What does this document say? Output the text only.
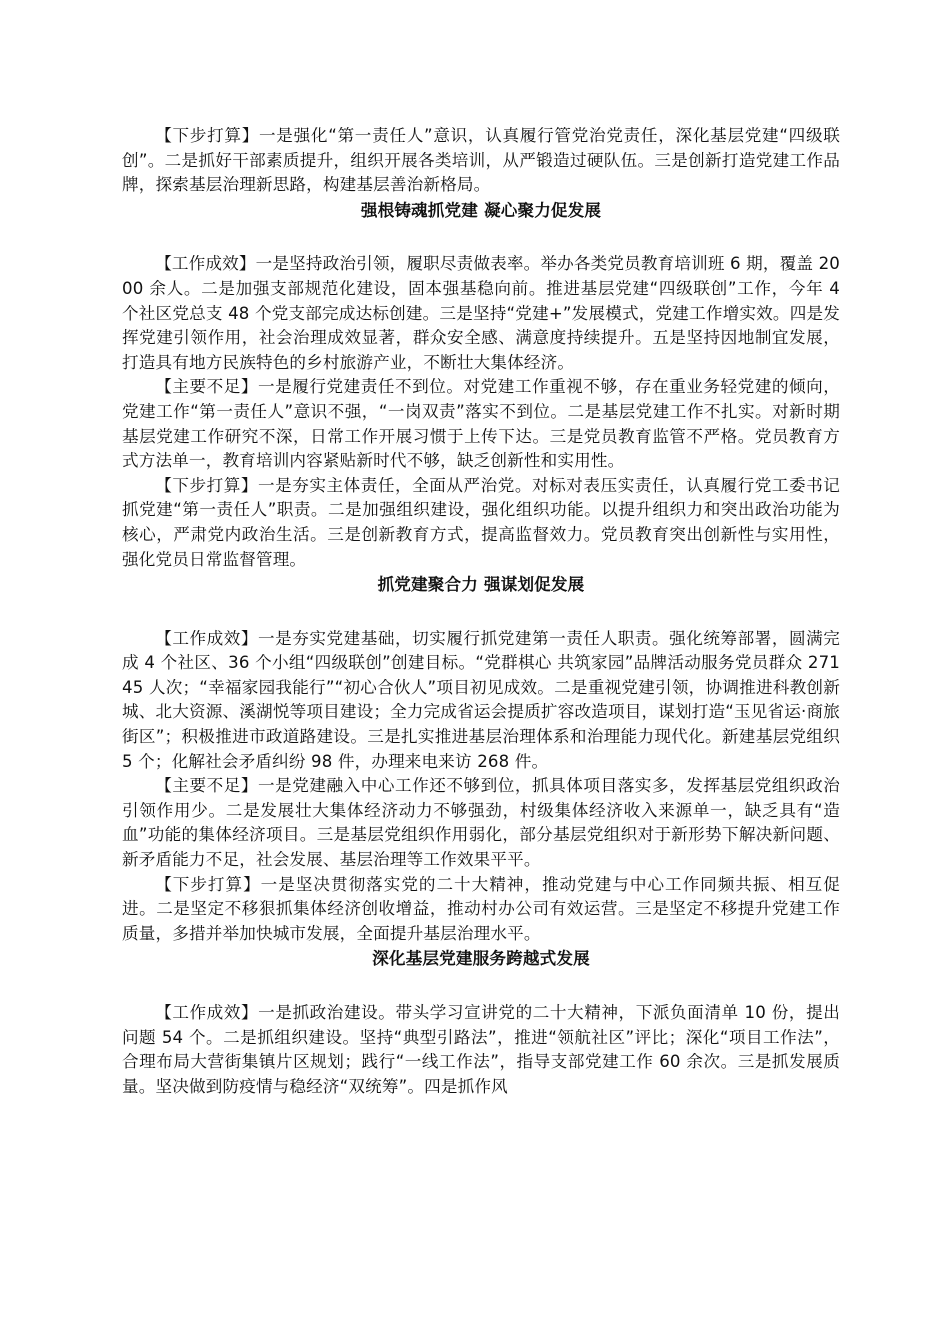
【下步打算】一是强化“第一责任人”意识，认真履行管党治党责任，深化基层党建“四级联创”。二是抓好干部素质提升，组织开展各类培训，从严锻造过硬队伍。三是创新打造党建工作品牌，探索基层治理新思路，构建基层善治新格局。

强根铸魂抓党建 凝心聚力促发展

【工作成效】一是坚持政治引领，履职尽责做表率。举办各类党员教育培训班 6 期，覆盖 2000 余人。二是加强支部规范化建设，固本强基稳向前。推进基层党建“四级联创”工作，今年 4 个社区党总支 48 个党支部完成达标创建。三是坚持“党建+”发展模式，党建工作增实效。四是发挥党建引领作用，社会治理成效显著，群众安全感、满意度持续提升。五是坚持因地制宜发展，打造具有地方民族特色的乡村旅游产业，不断壮大集体经济。

【主要不足】一是履行党建责任不到位。对党建工作重视不够，存在重业务轻党建的倾向，党建工作“第一责任人”意识不强，“一岗双责”落实不到位。二是基层党建工作不扎实。对新时期基层党建工作研究不深，日常工作开展习惯于上传下达。三是党员教育监管不严格。党员教育方式方法单一，教育培训内容紧贴新时代不够，缺乏创新性和实用性。

【下步打算】一是夯实主体责任，全面从严治党。对标对表压实责任，认真履行党工委书记抓党建“第一责任人”职责。二是加强组织建设，强化组织功能。以提升组织力和突出政治功能为核心，严肃党内政治生活。三是创新教育方式，提高监督效力。党员教育突出创新性与实用性，强化党员日常监督管理。

抓党建聚合力 强谋划促发展

【工作成效】一是夯实党建基础，切实履行抓党建第一责任人职责。强化统筹部署，圆满完成 4 个社区、36 个小组“四级联创”创建目标。“党群棋心 共筑家园”品牌活动服务党员群众 27145 人次；“幸福家园我能行”“初心合伙人”项目初见成效。二是重视党建引领，协调推进科教创新城、北大资源、溪湖悦等项目建设；全力完成省运会提质扩容改造项目，谋划打造“玉见省运·商旅街区”；积极推进市政道路建设。三是扎实推进基层治理体系和治理能力现代化。新建基层党组织 5 个；化解社会矛盾纠纷 98 件，办理来电来访 268 件。

【主要不足】一是党建融入中心工作还不够到位，抓具体项目落实多，发挥基层党组织政治引领作用少。二是发展壮大集体经济动力不够强劲，村级集体经济收入来源单一，缺乏具有“造血”功能的集体经济项目。三是基层党组织作用弱化，部分基层党组织对于新形势下解决新问题、新矛盾能力不足，社会发展、基层治理等工作效果平平。

【下步打算】一是坚决贯彻落实党的二十大精神，推动党建与中心工作同频共振、相互促进。二是坚定不移狠抓集体经济创收增益，推动村办公司有效运营。三是坚定不移提升党建工作质量，多措并举加快城市发展，全面提升基层治理水平。

深化基层党建服务跨越式发展

【工作成效】一是抓政治建设。带头学习宣讲党的二十大精神，下派负面清单 10 份，提出问题 54 个。二是抓组织建设。坚持“典型引路法”，推进“领航社区”评比；深化“项目工作法”，合理布局大营街集镇片区规划；践行“一线工作法”，指导支部党建工作 60 余次。三是抓发展质量。坚决做到防疫情与稳经济“双统筹”。四是抓作风
